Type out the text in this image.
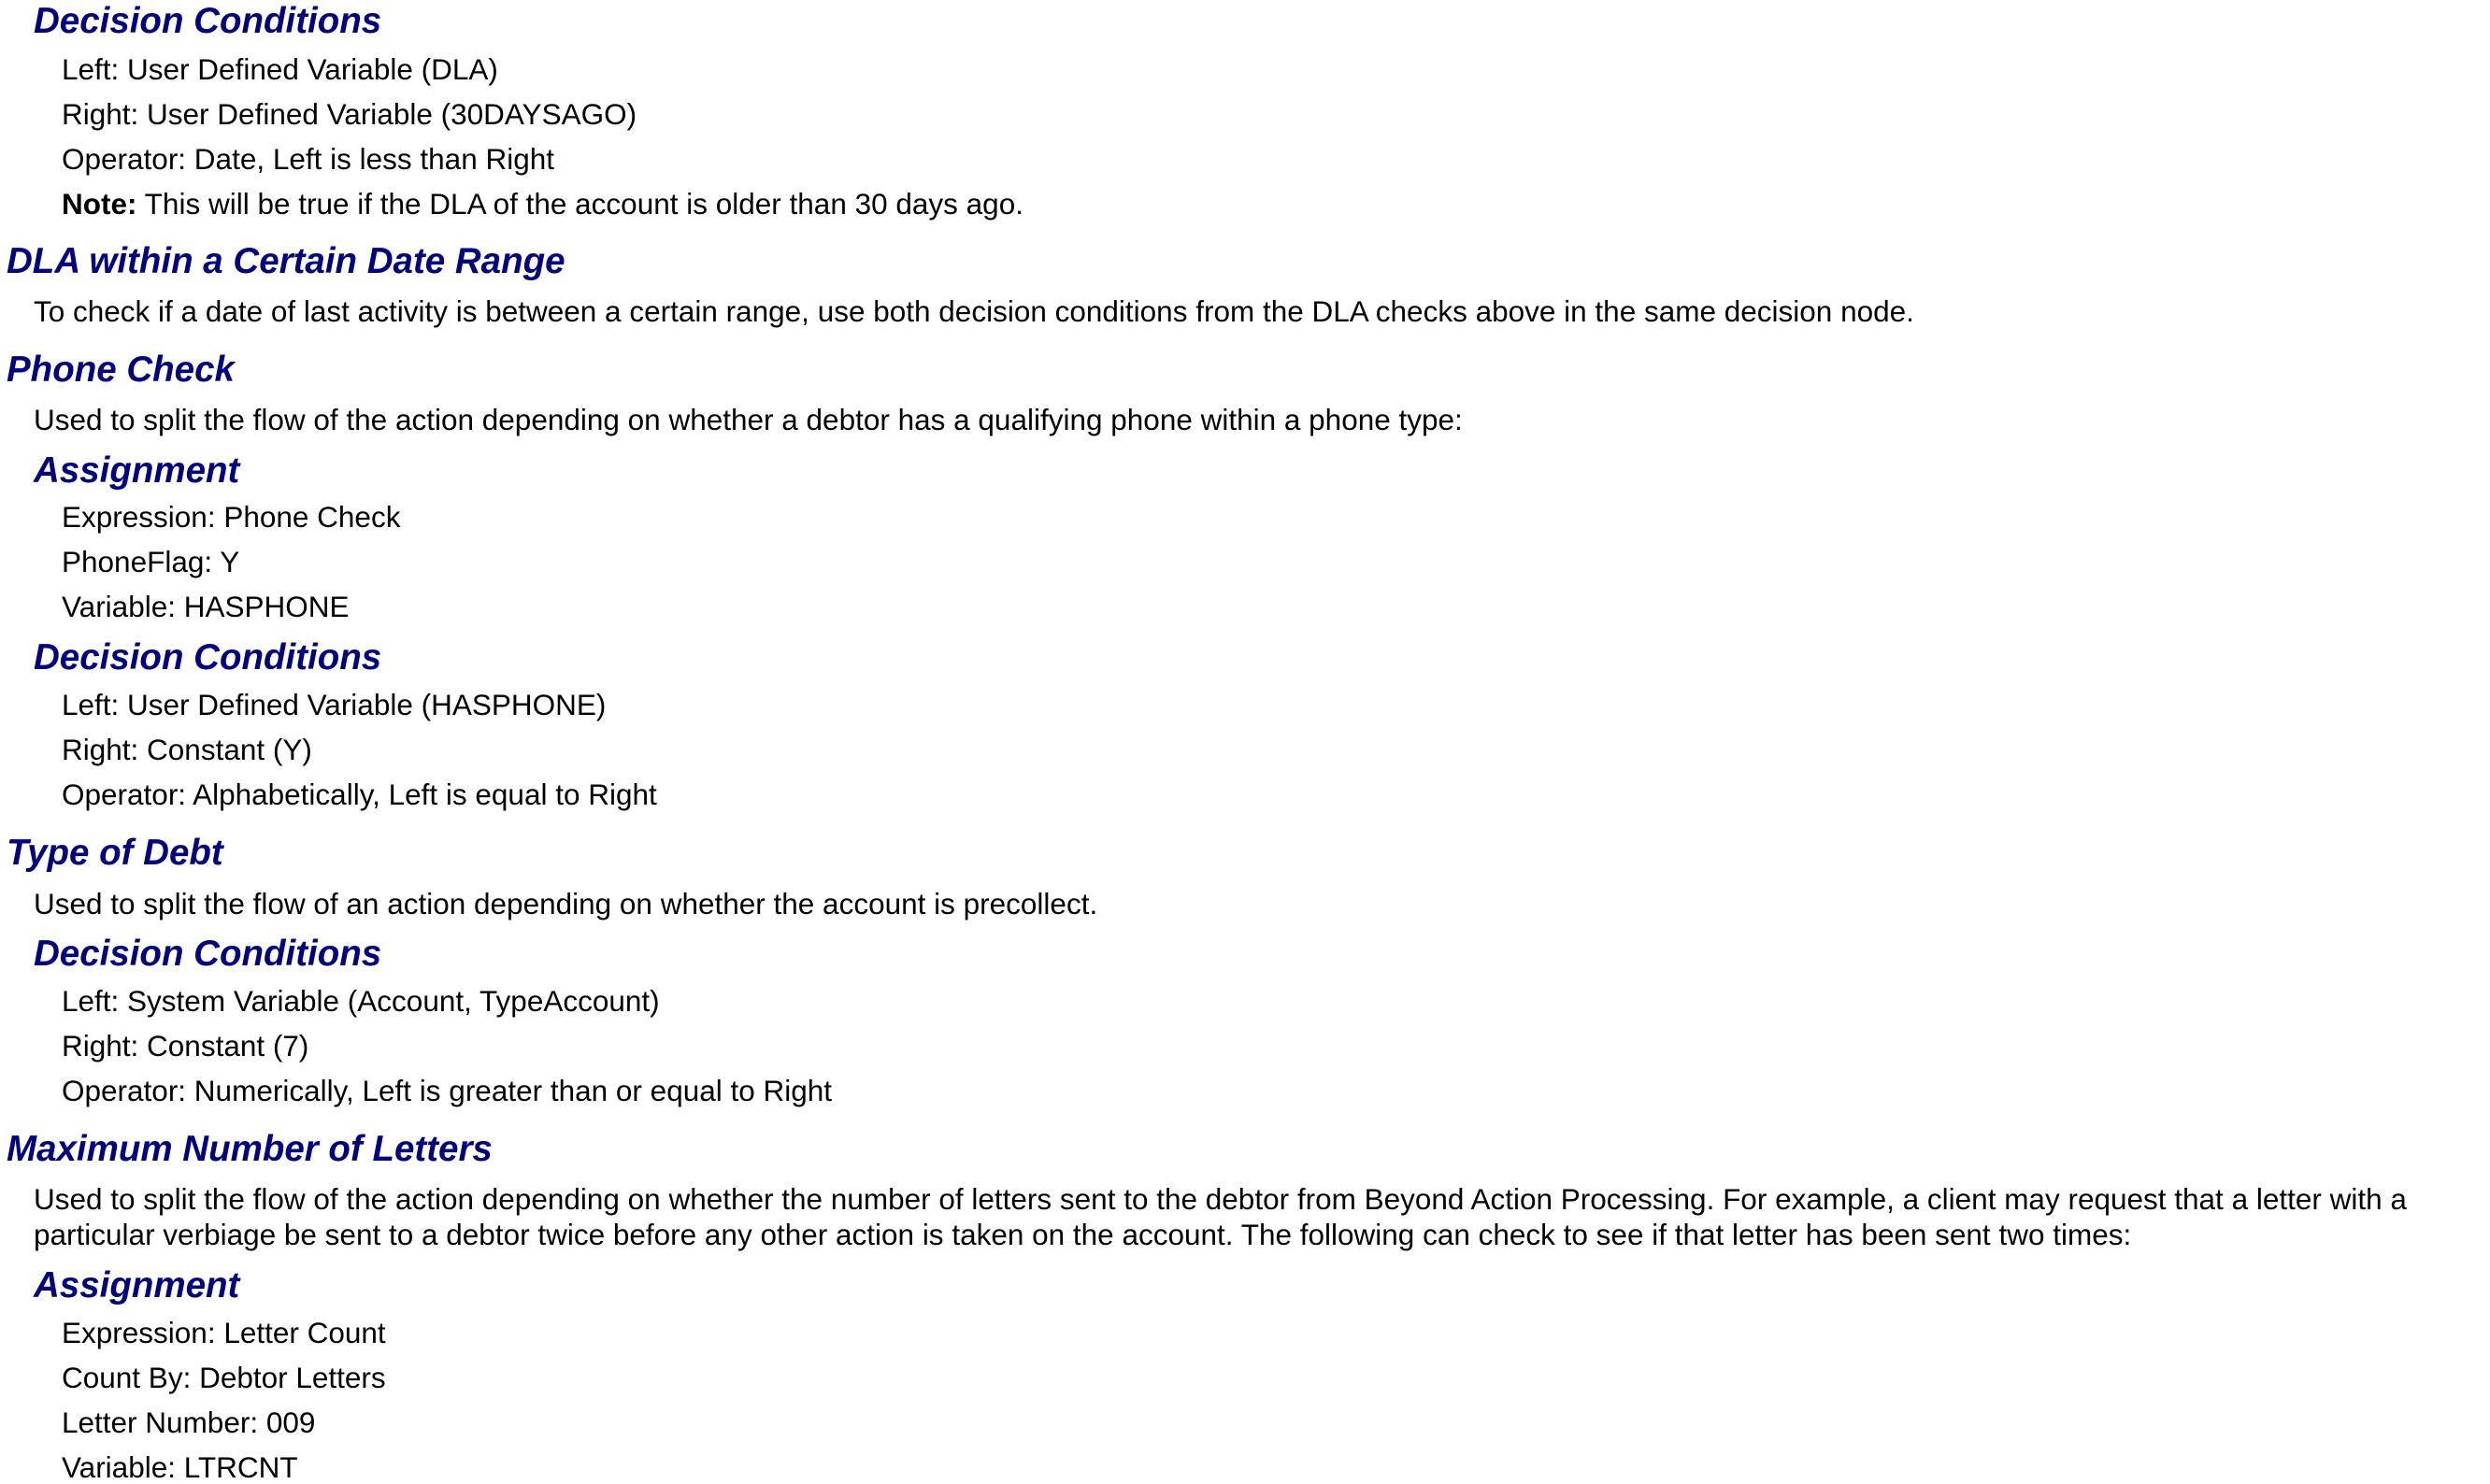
Decision Conditions

Left: User Defined Variable (DLA)

Right: User Defined Variable (30DAYSAGO)

Operator: Date, Left is less than Right

Note: This will be true if the DLA of the account is older than 30 days ago.

DLA within a Certain Date Range

To check if a date of last activity is between a certain range, use both decision conditions from the DLA checks above in the same decision node.

Phone Check

Used to split the flow of the action depending on whether a debtor has a qualifying phone within a phone type:

Assignment

Expression: Phone Check

PhoneFlag: Y

Variable: HASPHONE

Decision Conditions

Left: User Defined Variable (HASPHONE)

Right: Constant (Y)

Operator: Alphabetically, Left is equal to Right

Type of Debt

Used to split the flow of an action depending on whether the account is precollect.

Decision Conditions

Left: System Variable (Account, TypeAccount)

Right: Constant (7)

Operator: Numerically, Left is greater than or equal to Right

Maximum Number of Letters

Used to split the flow of the action depending on whether the number of letters sent to the debtor from Beyond Action Processing. For example, a client may request that a letter with a particular verbiage be sent to a debtor twice before any other action is taken on the account. The following can check to see if that letter has been sent two times:

Assignment

Expression: Letter Count

Count By: Debtor Letters

Letter Number: 009

Variable: LTRCNT
